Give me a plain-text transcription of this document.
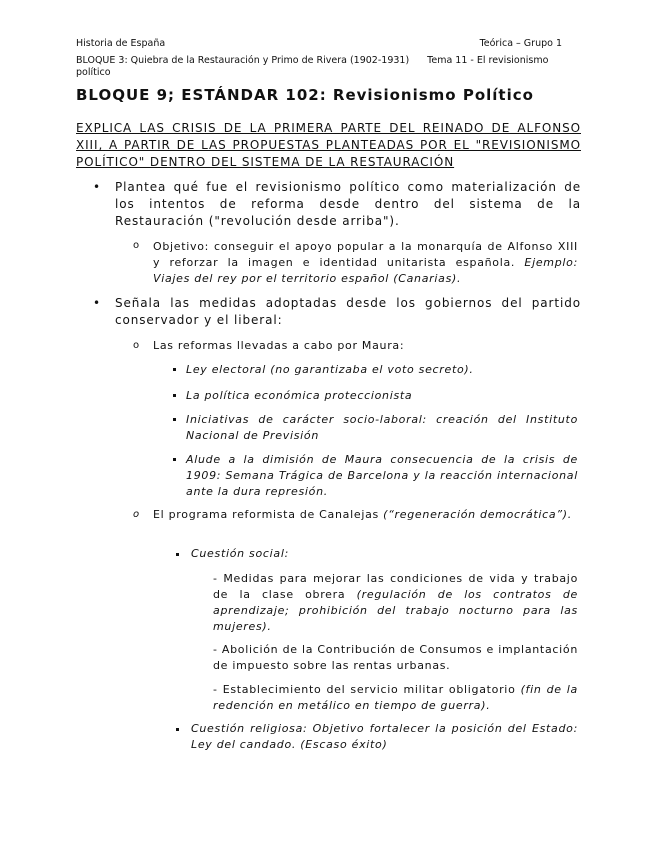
Historia de España	Teórica – Grupo 1
BLOQUE 3: Quiebra de la Restauración y Primo de Rivera (1902-1931) Tema 11 - El revisionismo
político
BLOQUE 9; ESTÁNDAR 102: Revisionismo Político

EXPLICA LAS CRISIS DE LA PRIMERA PARTE DEL REINADO DE ALFONSO XIII, A PARTIR DE LAS PROPUESTAS PLANTEADAS POR EL "REVISIONISMO POLÍTICO" DENTRO DEL SISTEMA DE LA RESTAURACIÓN

• Plantea qué fue el revisionismo político como materialización de los intentos de reforma desde dentro del sistema de la Restauración ("revolución desde arriba").

o Objetivo: conseguir el apoyo popular a la monarquía de Alfonso XIII y reforzar la imagen e identidad unitarista española. Ejemplo: Viajes del rey por el territorio español (Canarias).

• Señala las medidas adoptadas desde los gobiernos del partido conservador y el liberal:

o Las reformas llevadas a cabo por Maura:

Ley electoral (no garantizaba el voto secreto).

La política económica proteccionista

Iniciativas de carácter socio-laboral: creación del Instituto Nacional de Previsión

Alude a la dimisión de Maura consecuencia de la crisis de 1909: Semana Trágica de Barcelona y la reacción internacional ante la dura represión.

o El programa reformista de Canalejas (“regeneración democrática”).

Cuestión social:

- Medidas para mejorar las condiciones de vida y trabajo de la clase obrera (regulación de los contratos de aprendizaje; prohibición del trabajo nocturno para las mujeres).

- Abolición de la Contribución de Consumos e implantación de impuesto sobre las rentas urbanas.

- Establecimiento del servicio militar obligatorio (fin de la redención en metálico en tiempo de guerra).

Cuestión religiosa: Objetivo fortalecer la posición del Estado: Ley del candado. (Escaso éxito)
